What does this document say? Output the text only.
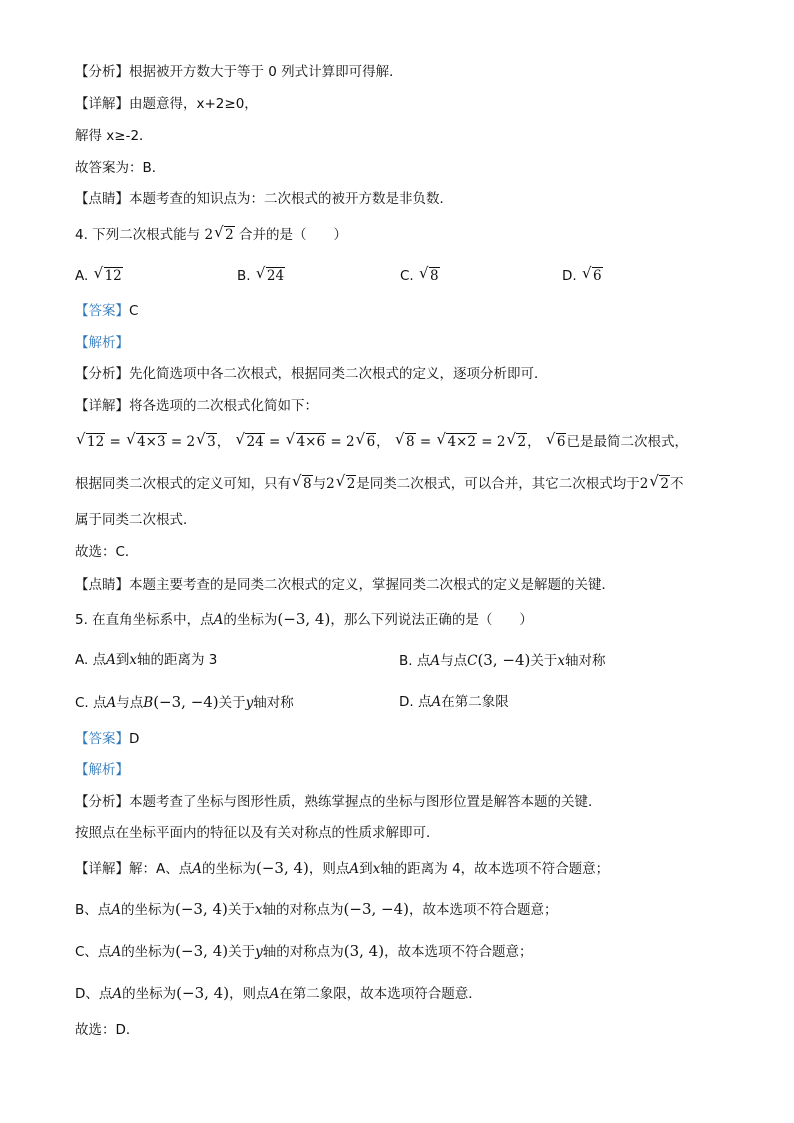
【分析】根据被开方数大于等于 0 列式计算即可得解．
【详解】由题意得，x+2≥0，
解得 x≥-2．
故答案为：B．
【点睛】本题考查的知识点为：二次根式的被开方数是非负数．
4. 下列二次根式能与 2 √ 2 合并的是（　　）
A. √ 12	B. √ 24	C. √ 8	D. √ 6
【答案】C
【解析】
【分析】先化简选项中各二次根式，根据同类二次根式的定义，逐项分析即可．
【详解】将各选项的二次根式化简如下：
√ 12 = √ 4×3 = 2 √ 3， √ 24 = √ 4×6 = 2 √ 6， √ 8 = √ 4×2 = 2 √ 2， √ 6已是最简二次根式，
根据同类二次根式的定义可知，只有 √ 8与2 √ 2是同类二次根式，可以合并，其它二次根式均于2 √ 2不
属于同类二次根式．
故选：C．
【点睛】本题主要考查的是同类二次根式的定义，掌握同类二次根式的定义是解题的关键．
5. 在直角坐标系中，点A的坐标为(−3, 4)，那么下列说法正确的是（　　）
A. 点A到x轴的距离为 3	B. 点A与点C(3, −4)关于x轴对称
C. 点A与点B(−3, −4)关于y轴对称	D. 点A在第二象限
【答案】D
【解析】
【分析】本题考查了坐标与图形性质，熟练掌握点的坐标与图形位置是解答本题的关键．
按照点在坐标平面内的特征以及有关对称点的性质求解即可．
【详解】解：A、点A的坐标为(−3, 4)，则点A到x轴的距离为 4，故本选项不符合题意；
B、点A的坐标为(−3, 4)关于x轴的对称点为(−3, −4)，故本选项不符合题意；
C、点A的坐标为(−3, 4)关于y轴的对称点为(3, 4)，故本选项不符合题意；
D、点A的坐标为(−3, 4)，则点A在第二象限，故本选项符合题意．
故选：D．
